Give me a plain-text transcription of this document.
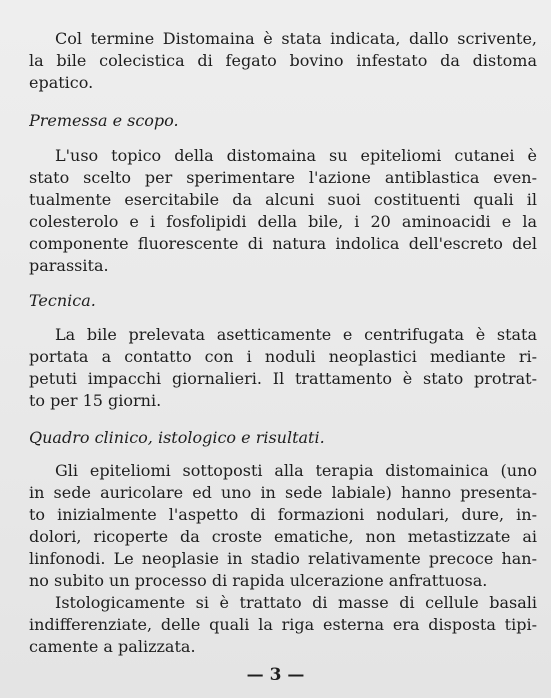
Col termine Distomaina è stata indicata, dallo scrivente,
la bile colecistica di fegato bovino infestato da distoma
epatico.
Premessa e scopo.
L'uso topico della distomaina su epiteliomi cutanei è
stato scelto per sperimentare l'azione antiblastica even-
tualmente esercitabile da alcuni suoi costituenti quali il
colesterolo e i fosfolipidi della bile, i 20 aminoacidi e la
componente fluorescente di natura indolica dell'escreto del
parassita.
Tecnica.
La bile prelevata asetticamente e centrifugata è stata
portata a contatto con i noduli neoplastici mediante ri-
petuti impacchi giornalieri. Il trattamento è stato protrat-
to per 15 giorni.
Quadro clinico, istologico e risultati.
Gli epiteliomi sottoposti alla terapia distomainica (uno
in sede auricolare ed uno in sede labiale) hanno presenta-
to inizialmente l'aspetto di formazioni nodulari, dure, in-
dolori, ricoperte da croste ematiche, non metastizzate ai
linfonodi. Le neoplasie in stadio relativamente precoce han-
no subito un processo di rapida ulcerazione anfrattuosa.
Istologicamente si è trattato di masse di cellule basali
indifferenziate, delle quali la riga esterna era disposta tipi-
camente a palizzata.
— 3 —
